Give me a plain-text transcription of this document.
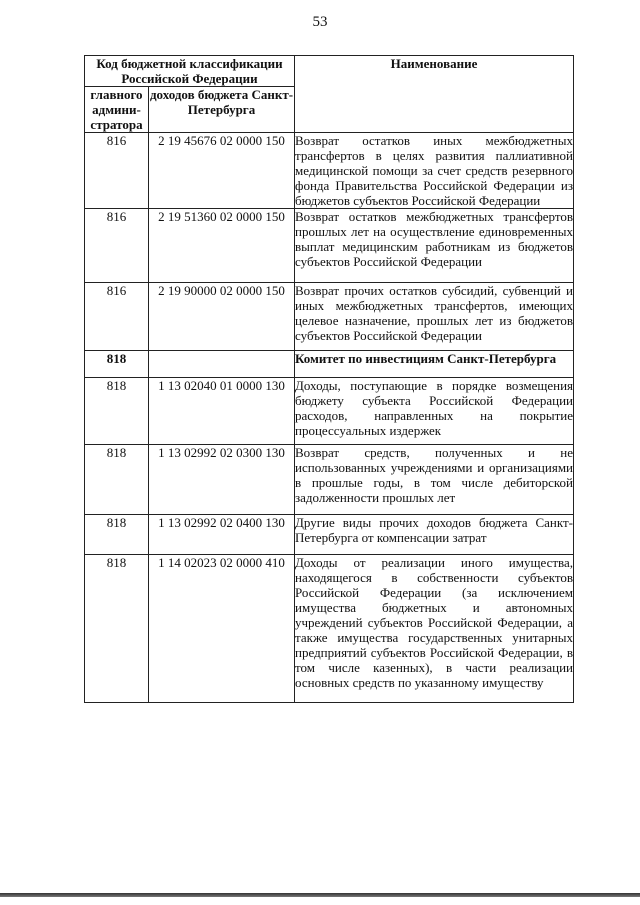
53
Код бюджетной классификации Российской Федерации		Наименование
главного админи-стратора	доходов бюджета Санкт-Петербурга	
816	2 19 45676 02 0000 150	Возврат остатков иных межбюджетных трансфертов в целях развития паллиативной медицинской помощи за счет средств резервного фонда Правительства Российской Федерации из бюджетов субъектов Российской Федерации
816	2 19 51360 02 0000 150	Возврат остатков межбюджетных трансфертов прошлых лет на осуществление единовременных выплат медицинским работникам из бюджетов субъектов Российской Федерации
816	2 19 90000 02 0000 150	Возврат прочих остатков субсидий, субвенций и иных межбюджетных трансфертов, имеющих целевое назначение, прошлых лет из бюджетов субъектов Российской Федерации
818		Комитет по инвестициям Санкт-Петербурга
818	1 13 02040 01 0000 130	Доходы, поступающие в порядке возмещения бюджету субъекта Российской Федерации расходов, направленных на покрытие процессуальных издержек
818	1 13 02992 02 0300 130	Возврат средств, полученных и не использованных учреждениями и организациями в прошлые годы, в том числе дебиторской задолженности прошлых лет
818	1 13 02992 02 0400 130	Другие виды прочих доходов бюджета Санкт-Петербурга от компенсации затрат
818	1 14 02023 02 0000 410	Доходы от реализации иного имущества, находящегося в собственности субъектов Российской Федерации (за исключением имущества бюджетных и автономных учреждений субъектов Российской Федерации, а также имущества государственных унитарных предприятий субъектов Российской Федерации, в том числе казенных), в части реализации основных средств по указанному имуществу
